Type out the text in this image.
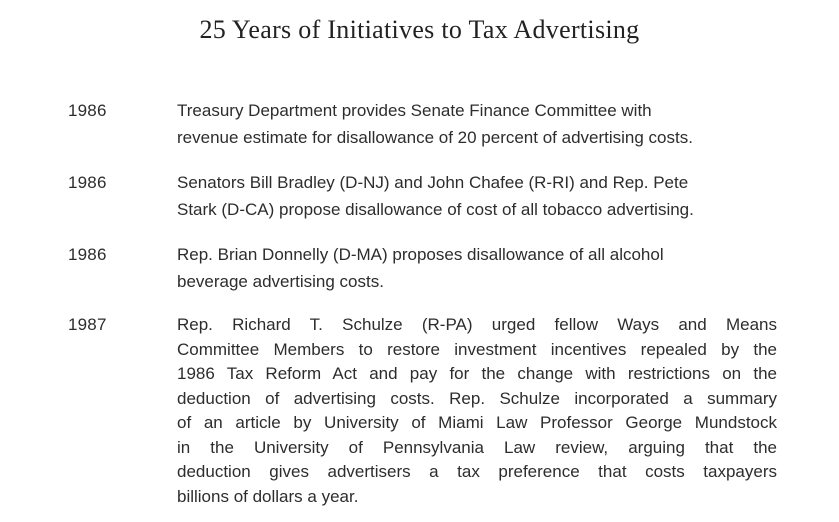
25 Years of Initiatives to Tax Advertising
1986	Treasury Department provides Senate Finance Committee with
revenue estimate for disallowance of 20 percent of advertising costs.
1986	Senators Bill Bradley (D-NJ) and John Chafee (R-RI) and Rep. Pete
Stark (D-CA) propose disallowance of cost of all tobacco advertising.
1986	Rep. Brian Donnelly (D-MA) proposes disallowance of all alcohol
beverage advertising costs.
1987	Rep. Richard T. Schulze (R-PA) urged fellow Ways and Means
Committee Members to restore investment incentives repealed by the
1986 Tax Reform Act and pay for the change with restrictions on the
deduction of advertising costs. Rep. Schulze incorporated a summary
of an article by University of Miami Law Professor George Mundstock
in the University of Pennsylvania Law review, arguing that the
deduction gives advertisers a tax preference that costs taxpayers
billions of dollars a year.
